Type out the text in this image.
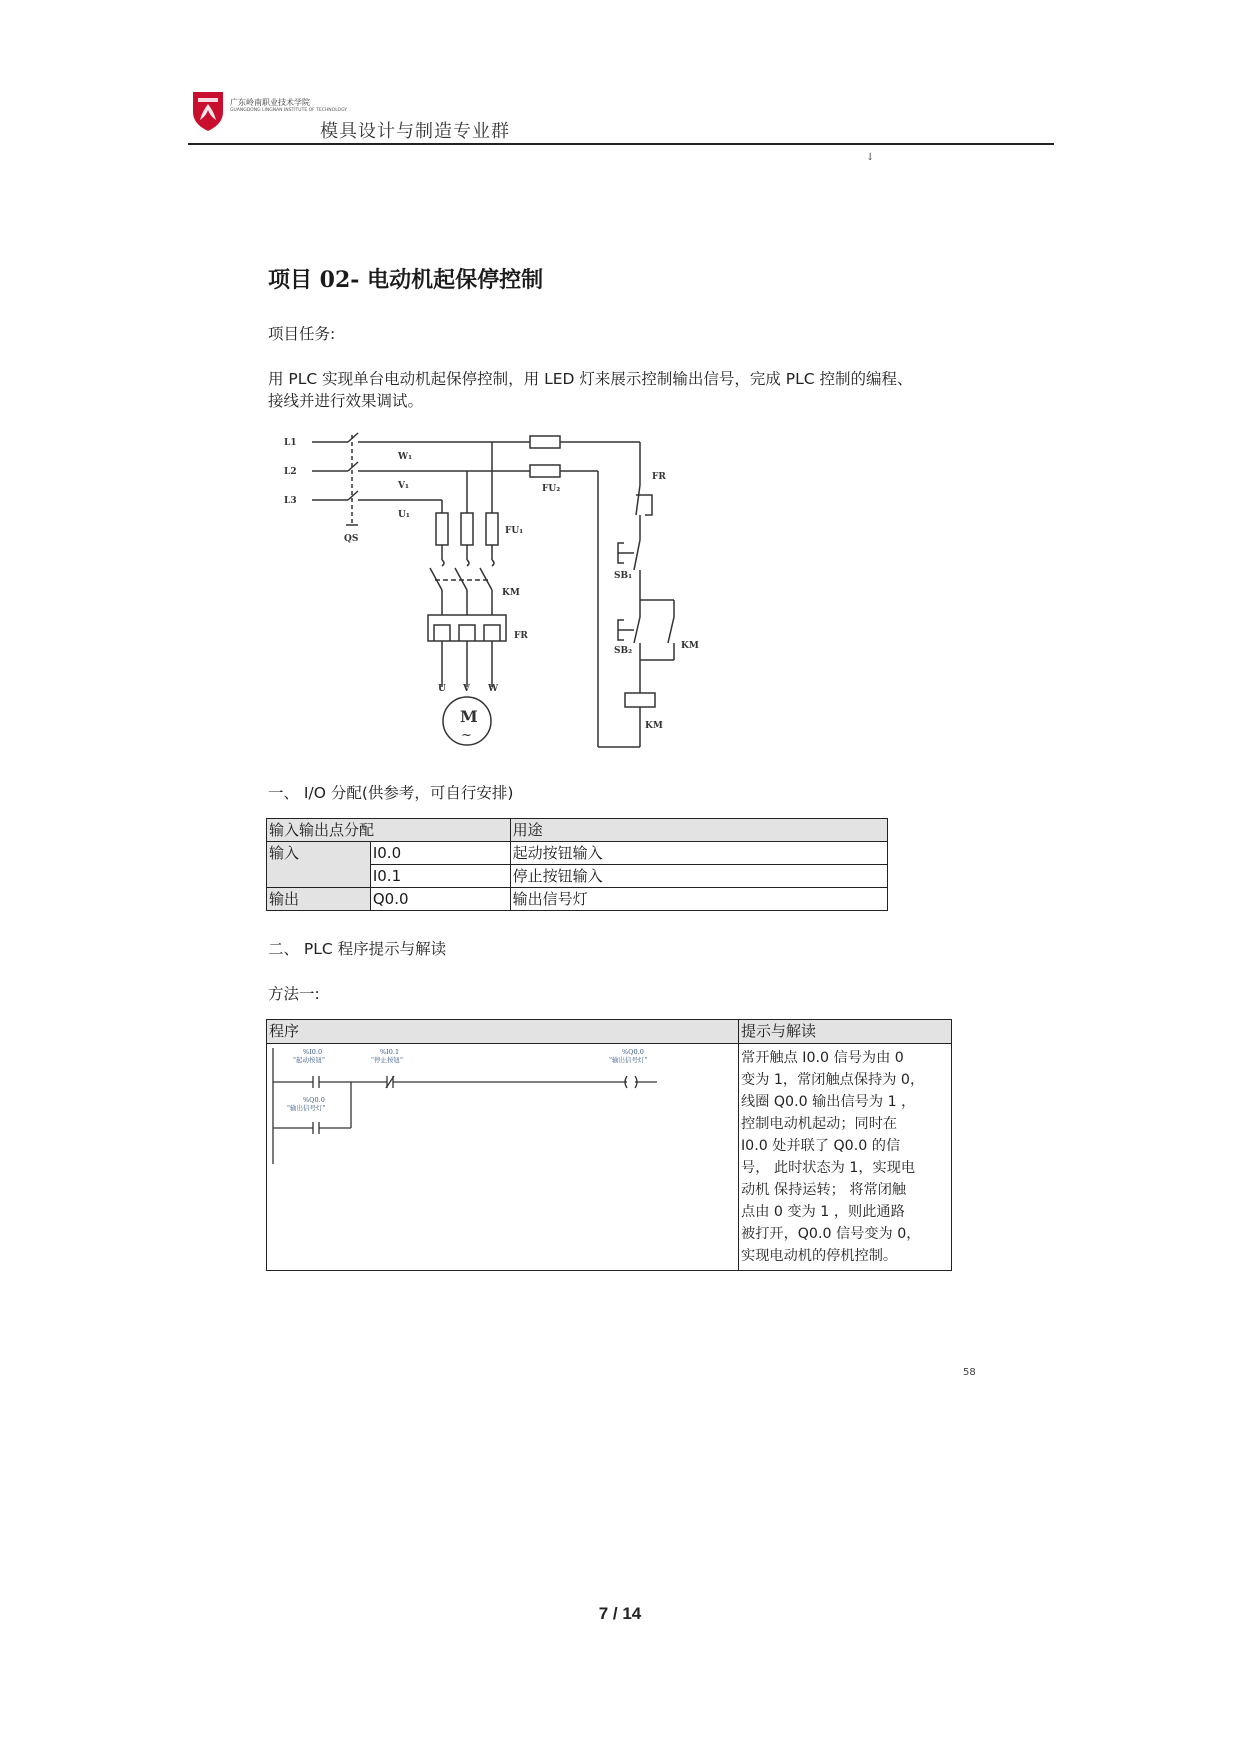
广东岭南职业技术学院
GUANGDONG LINGNAN INSTITUTE OF TECHNOLOGY
模具设计与制造专业群
↓
项目 02- 电动机起保停控制
项目任务:
用 PLC 实现单台电动机起保停控制，用 LED 灯来展示控制输出信号，完成 PLC 控制的编程、
接线并进行效果调试。
L1
L2
L3
W₁
V₁
U₁
QS
FU₂
FU₁
KM
FR
U V W
FR
SB₁
SB₂	KM
KM
M
~
一、 I/O 分配(供参考，可自行安排)
输入输出点分配		用途
输入	I0.0	起动按钮输入
	I0.1	停止按钮输入
输出	Q0.0	输出信号灯
二、 PLC 程序提示与解读
方法一:
程序	提示与解读
%I0.0
"起动按钮"
%I0.1
"停止按钮"
%Q0.0
"输出信号灯"
%Q0.0
"输出信号灯"
常开触点 I0.0 信号为由 0
变为 1，常闭触点保持为 0，
线圈 Q0.0 输出信号为 1 ，
控制电动机起动；同时在
I0.0 处并联了 Q0.0 的信
号， 此时状态为 1，实现电
动机 保持运转； 将常闭触
点由 0 变为 1 ，则此通路
被打开，Q0.0 信号变为 0，
实现电动机的停机控制。
58
7 / 14
